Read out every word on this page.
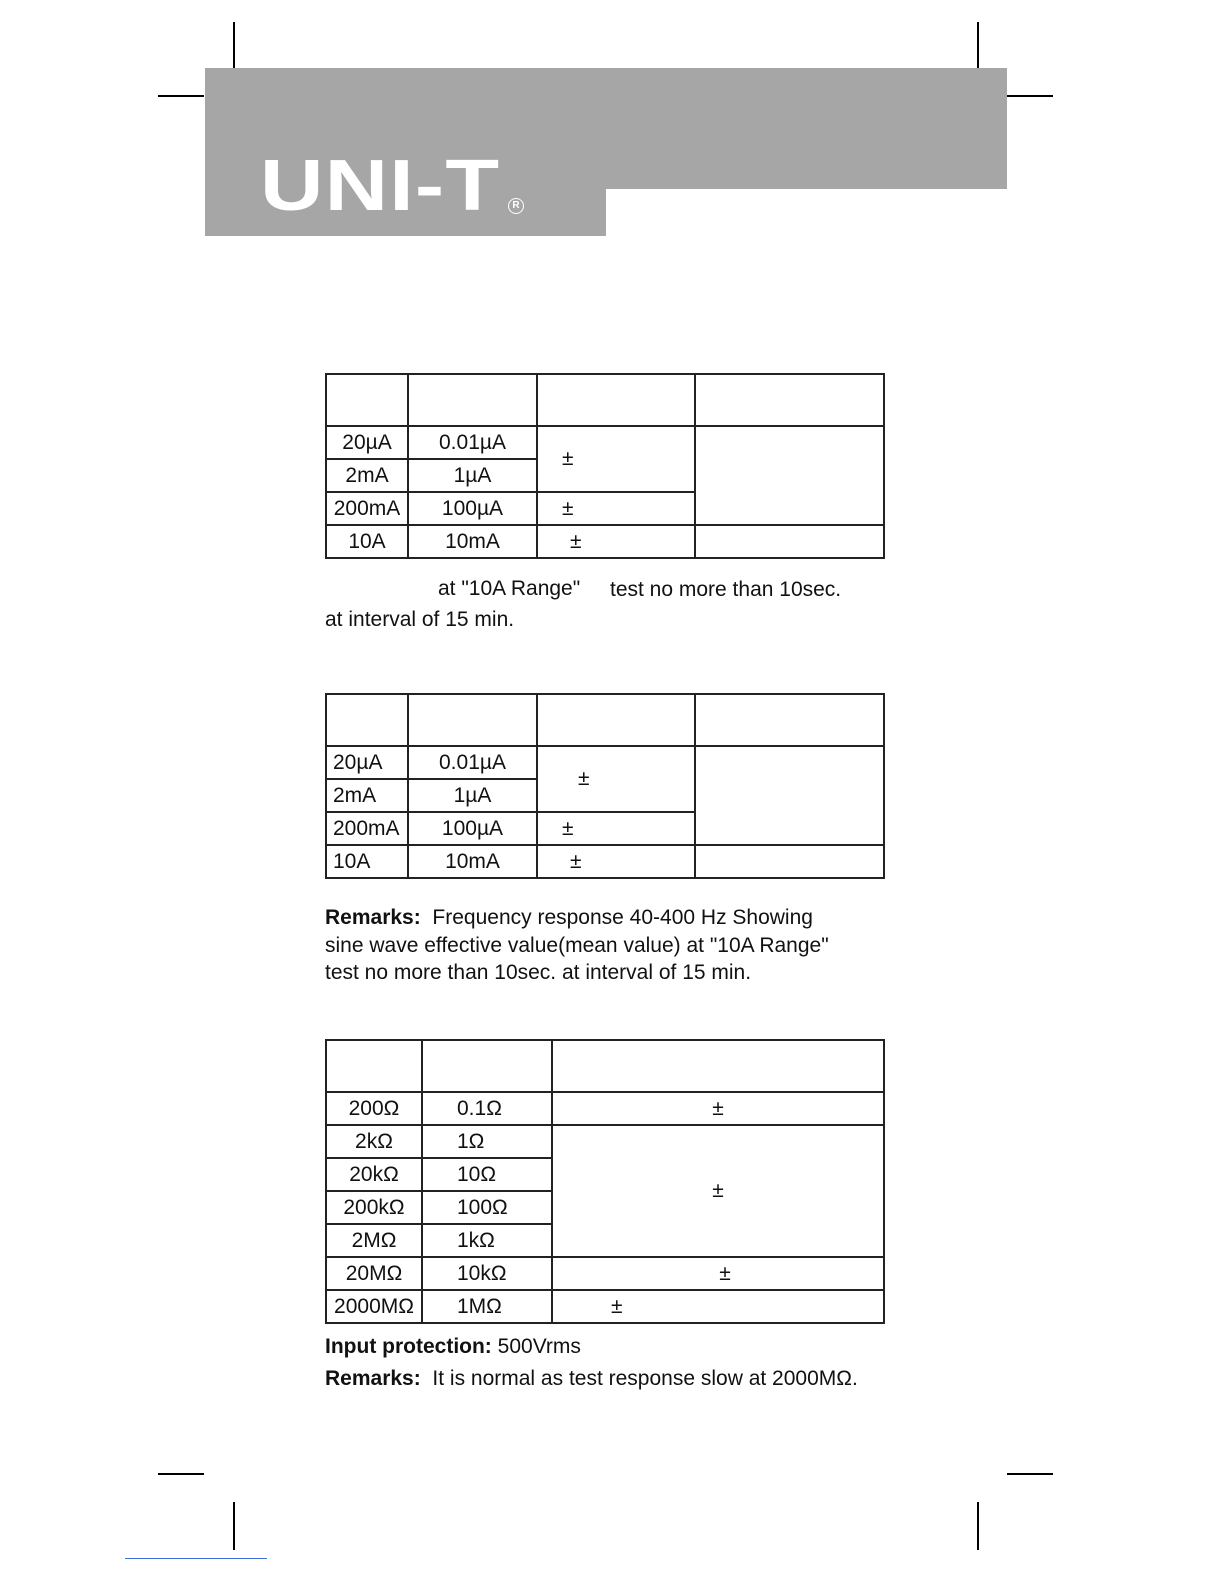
UNI-T	R

20µA	0.01µA	±	
2mA	1µA		
200mA	100µA	±	
10A	10mA	±	
at "10A Range" test no more than 10sec.
at interval of 15 min.

20µA	0.01µA	±	
2mA	1µA		
200mA	100µA	±	
10A	10mA	±	
Remarks: Frequency response 40-400 Hz Showing
sine wave effective value(mean value) at "10A Range"
test no more than 10sec. at interval of 15 min.

200Ω	0.1Ω	±
2kΩ	1Ω	±
20kΩ	10Ω	
200kΩ	100Ω	
2MΩ	1kΩ	
20MΩ	10kΩ	±
2000MΩ	1MΩ	±
Input protection: 500Vrms
Remarks: It is normal as test response slow at 2000MΩ.
